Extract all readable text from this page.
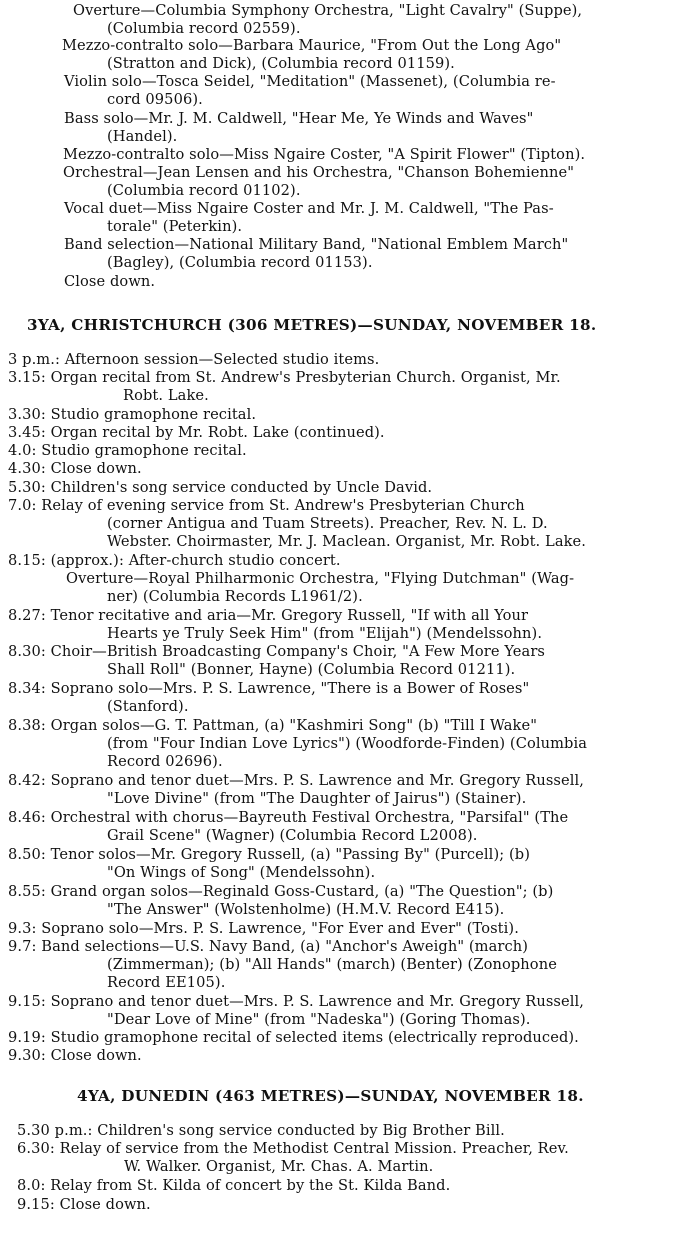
Overture—Columbia Symphony Orchestra, "Light Cavalry" (Suppe),
(Columbia record 02559).
Mezzo-contralto solo—Barbara Maurice, "From Out the Long Ago"
(Stratton and Dick), (Columbia record 01159).
Violin solo—Tosca Seidel, "Meditation" (Massenet), (Columbia re-
cord 09506).
Bass solo—Mr. J. M. Caldwell, "Hear Me, Ye Winds and Waves"
(Handel).
Mezzo-contralto solo—Miss Ngaire Coster, "A Spirit Flower" (Tipton).
Orchestral—Jean Lensen and his Orchestra, "Chanson Bohemienne"
(Columbia record 01102).
Vocal duet—Miss Ngaire Coster and Mr. J. M. Caldwell, "The Pas-
torale" (Peterkin).
Band selection—National Military Band, "National Emblem March"
(Bagley), (Columbia record 01153).
Close down.
3YA, CHRISTCHURCH (306 METRES)—SUNDAY, NOVEMBER 18.
3 p.m.: Afternoon session—Selected studio items.
3.15: Organ recital from St. Andrew's Presbyterian Church. Organist, Mr.
Robt. Lake.
3.30: Studio gramophone recital.
3.45: Organ recital by Mr. Robt. Lake (continued).
4.0: Studio gramophone recital.
4.30: Close down.
5.30: Children's song service conducted by Uncle David.
7.0: Relay of evening service from St. Andrew's Presbyterian Church
(corner Antigua and Tuam Streets). Preacher, Rev. N. L. D.
Webster. Choirmaster, Mr. J. Maclean. Organist, Mr. Robt. Lake.
8.15: (approx.): After-church studio concert.
Overture—Royal Philharmonic Orchestra, "Flying Dutchman" (Wag-
ner) (Columbia Records L1961/2).
8.27: Tenor recitative and aria—Mr. Gregory Russell, "If with all Your
Hearts ye Truly Seek Him" (from "Elijah") (Mendelssohn).
8.30: Choir—British Broadcasting Company's Choir, "A Few More Years
Shall Roll" (Bonner, Hayne) (Columbia Record 01211).
8.34: Soprano solo—Mrs. P. S. Lawrence, "There is a Bower of Roses"
(Stanford).
8.38: Organ solos—G. T. Pattman, (a) "Kashmiri Song" (b) "Till I Wake"
(from "Four Indian Love Lyrics") (Woodforde-Finden) (Columbia
Record 02696).
8.42: Soprano and tenor duet—Mrs. P. S. Lawrence and Mr. Gregory Russell,
"Love Divine" (from "The Daughter of Jairus") (Stainer).
8.46: Orchestral with chorus—Bayreuth Festival Orchestra, "Parsifal" (The
Grail Scene" (Wagner) (Columbia Record L2008).
8.50: Tenor solos—Mr. Gregory Russell, (a) "Passing By" (Purcell); (b)
"On Wings of Song" (Mendelssohn).
8.55: Grand organ solos—Reginald Goss-Custard, (a) "The Question"; (b)
"The Answer" (Wolstenholme) (H.M.V. Record E415).
9.3: Soprano solo—Mrs. P. S. Lawrence, "For Ever and Ever" (Tosti).
9.7: Band selections—U.S. Navy Band, (a) "Anchor's Aweigh" (march)
(Zimmerman); (b) "All Hands" (march) (Benter) (Zonophone
Record EE105).
9.15: Soprano and tenor duet—Mrs. P. S. Lawrence and Mr. Gregory Russell,
"Dear Love of Mine" (from "Nadeska") (Goring Thomas).
9.19: Studio gramophone recital of selected items (electrically reproduced).
9.30: Close down.
4YA, DUNEDIN (463 METRES)—SUNDAY, NOVEMBER 18.
5.30 p.m.: Children's song service conducted by Big Brother Bill.
6.30: Relay of service from the Methodist Central Mission. Preacher, Rev.
W. Walker. Organist, Mr. Chas. A. Martin.
8.0: Relay from St. Kilda of concert by the St. Kilda Band.
9.15: Close down.
